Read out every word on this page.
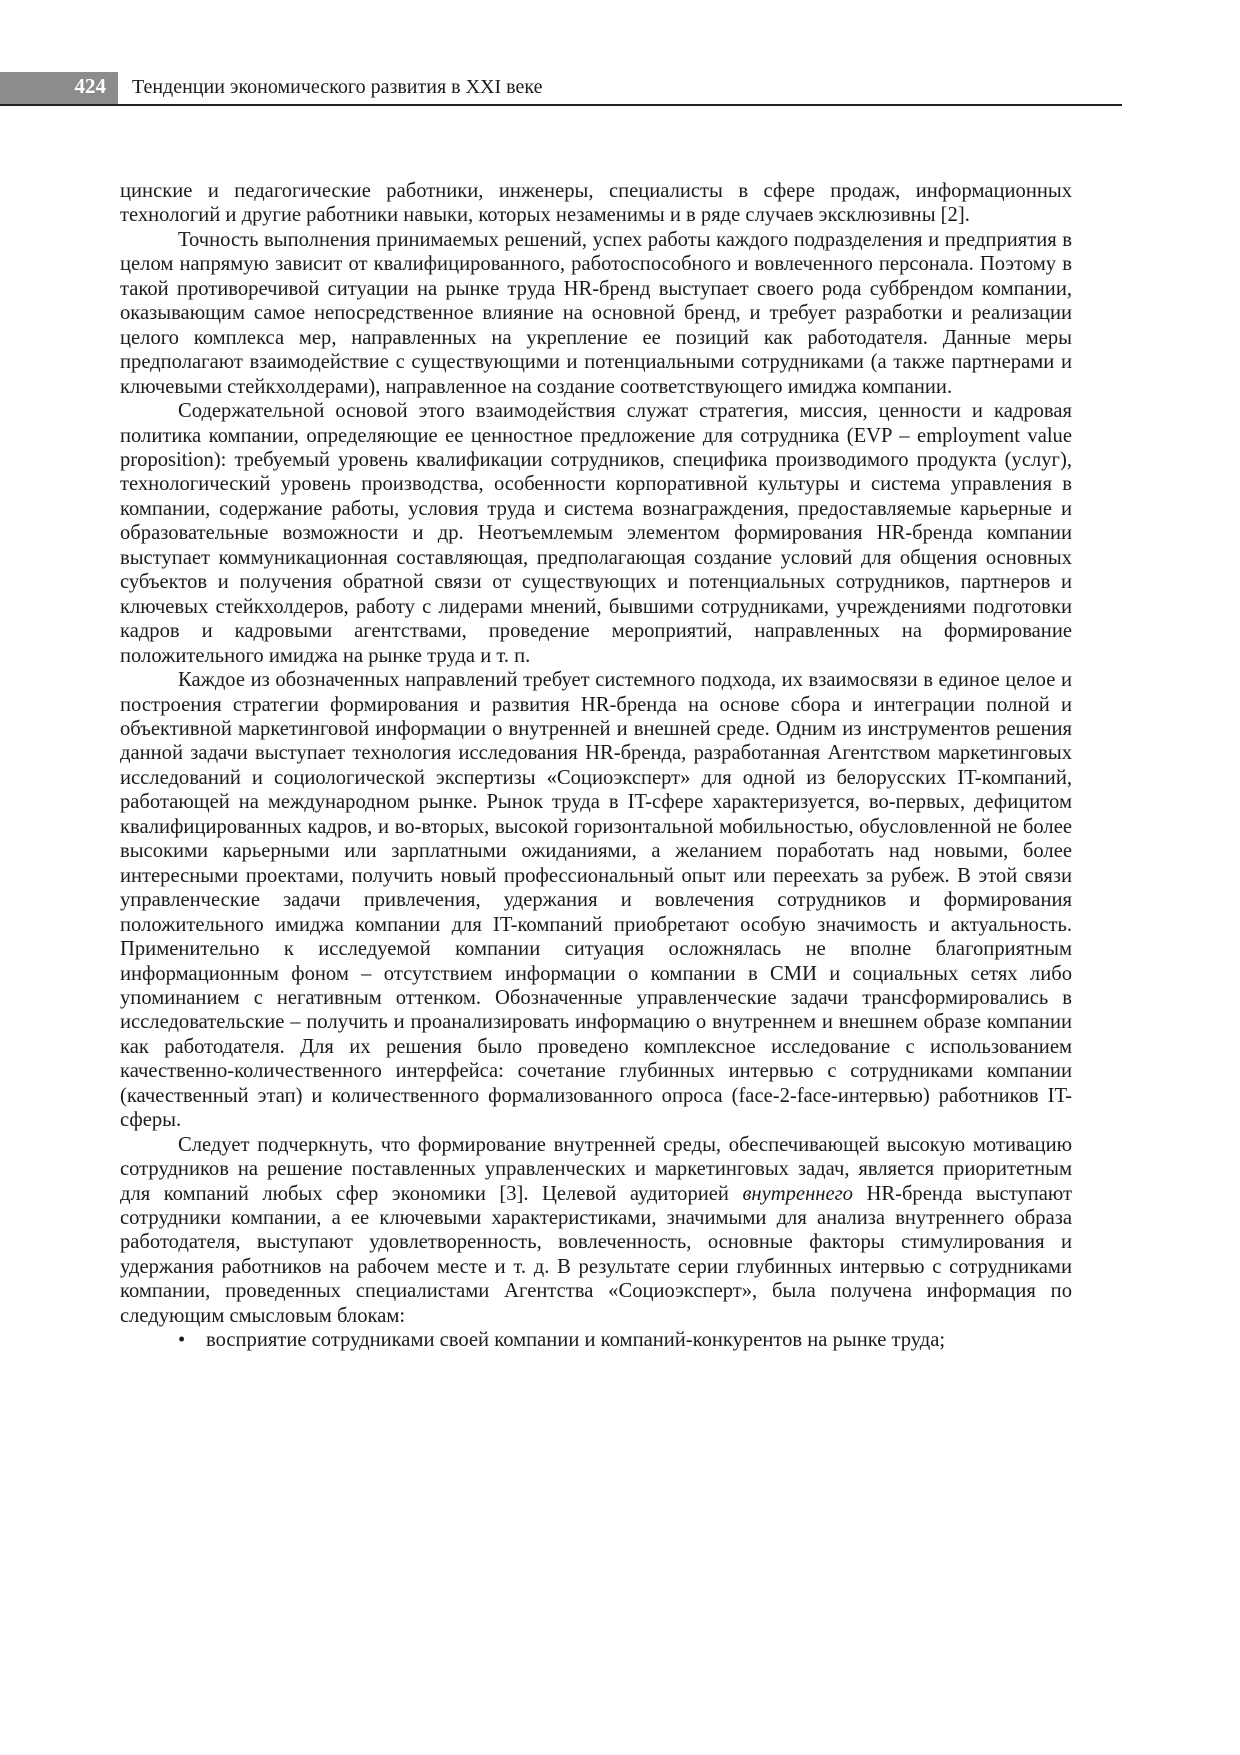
424 Тенденции экономического развития в XXI веке

цинские и педагогические работники, инженеры, специалисты в сфере продаж, информационных технологий и другие работники навыки, которых незаменимы и в ряде случаев эксклюзивны [2].

Точность выполнения принимаемых решений, успех работы каждого подразделения и предприятия в целом напрямую зависит от квалифицированного, работоспособного и вовлеченного персонала. Поэтому в такой противоречивой ситуации на рынке труда HR-бренд выступает своего рода суббрендом компании, оказывающим самое непосредственное влияние на основной бренд, и требует разработки и реализации целого комплекса мер, направленных на укрепление ее позиций как работодателя. Данные меры предполагают взаимодействие с существующими и потенциальными сотрудниками (а также партнерами и ключевыми стейкхолдерами), направленное на создание соответствующего имиджа компании.

Содержательной основой этого взаимодействия служат стратегия, миссия, ценности и кадровая политика компании, определяющие ее ценностное предложение для сотрудника (EVP – employment value proposition): требуемый уровень квалификации сотрудников, специфика производимого продукта (услуг), технологический уровень производства, особенности корпоративной культуры и система управления в компании, содержание работы, условия труда и система вознаграждения, предоставляемые карьерные и образовательные возможности и др. Неотъемлемым элементом формирования HR-бренда компании выступает коммуникационная составляющая, предполагающая создание условий для общения основных субъектов и получения обратной связи от существующих и потенциальных сотрудников, партнеров и ключевых стейкхолдеров, работу с лидерами мнений, бывшими сотрудниками, учреждениями подготовки кадров и кадровыми агентствами, проведение мероприятий, направленных на формирование положительного имиджа на рынке труда и т. п.

Каждое из обозначенных направлений требует системного подхода, их взаимосвязи в единое целое и построения стратегии формирования и развития HR-бренда на основе сбора и интеграции полной и объективной маркетинговой информации о внутренней и внешней среде. Одним из инструментов решения данной задачи выступает технология исследования HR-бренда, разработанная Агентством маркетинговых исследований и социологической экспертизы «Социоэксперт» для одной из белорусских IT-компаний, работающей на международном рынке. Рынок труда в IT-сфере характеризуется, во-первых, дефицитом квалифицированных кадров, и во-вторых, высокой горизонтальной мобильностью, обусловленной не более высокими карьерными или зарплатными ожиданиями, а желанием поработать над новыми, более интересными проектами, получить новый профессиональный опыт или переехать за рубеж. В этой связи управленческие задачи привлечения, удержания и вовлечения сотрудников и формирования положительного имиджа компании для IT-компаний приобретают особую значимость и актуальность. Применительно к исследуемой компании ситуация осложнялась не вполне благоприятным информационным фоном – отсутствием информации о компании в СМИ и социальных сетях либо упоминанием с негативным оттенком. Обозначенные управленческие задачи трансформировались в исследовательские – получить и проанализировать информацию о внутреннем и внешнем образе компании как работодателя. Для их решения было проведено комплексное исследование с использованием качественно-количественного интерфейса: сочетание глубинных интервью с сотрудниками компании (качественный этап) и количественного формализованного опроса (face-2-face-интервью) работников IT-сферы.

Следует подчеркнуть, что формирование внутренней среды, обеспечивающей высокую мотивацию сотрудников на решение поставленных управленческих и маркетинговых задач, является приоритетным для компаний любых сфер экономики [3]. Целевой аудиторией внутреннего HR-бренда выступают сотрудники компании, а ее ключевыми характеристиками, значимыми для анализа внутреннего образа работодателя, выступают удовлетворенность, вовлеченность, основные факторы стимулирования и удержания работников на рабочем месте и т. д. В результате серии глубинных интервью с сотрудниками компании, проведенных специалистами Агентства «Социоэксперт», была получена информация по следующим смысловым блокам:

• восприятие сотрудниками своей компании и компаний-конкурентов на рынке труда;
